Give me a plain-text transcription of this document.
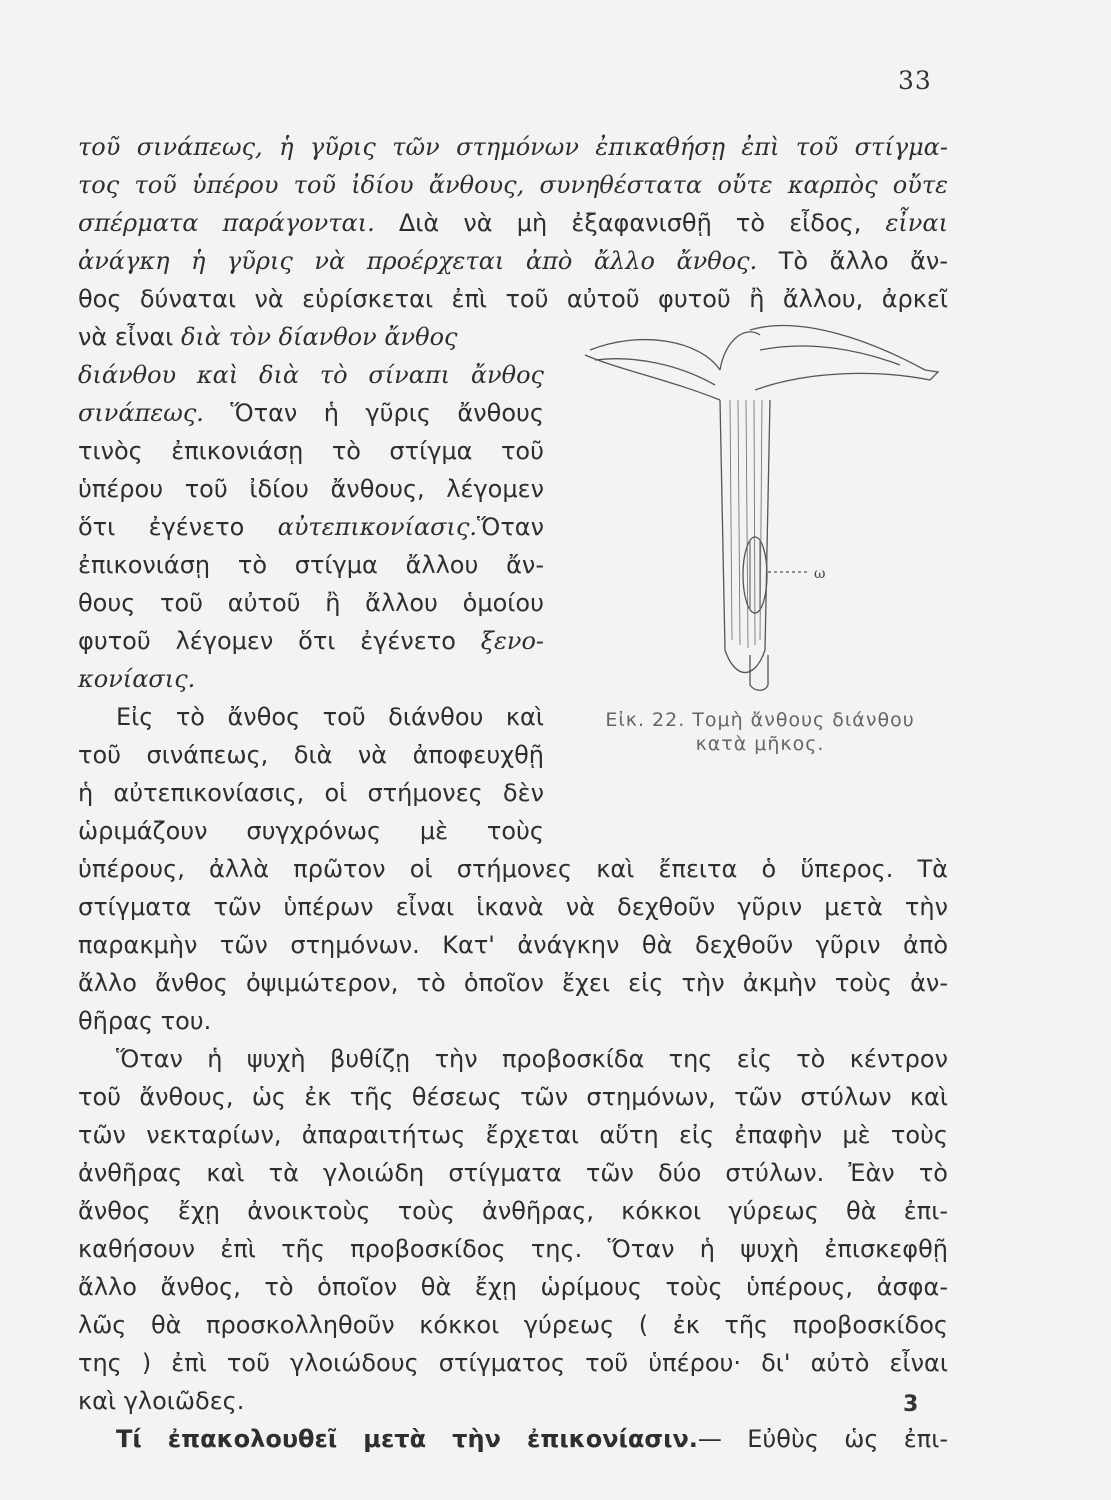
33
τοῦ σινάπεως, ἡ γῦρις τῶν στημόνων ἐπικαθήσῃ ἐπὶ τοῦ στίγμα-
τος τοῦ ὑπέρου τοῦ ἰδίου ἄνθους, συνηθέστατα οὔτε καρπὸς οὔτε
σπέρματα παράγονται. Διὰ νὰ μὴ ἐξαφανισθῇ τὸ εἶδος, εἶναι
ἀνάγκη ἡ γῦρις νὰ προέρχεται ἀπὸ ἄλλο ἄνθος. Τὸ ἄλλο ἄν-
θος δύναται νὰ εὑρίσκεται ἐπὶ τοῦ αὐτοῦ φυτοῦ ἢ ἄλλου, ἀρκεῖ
νὰ εἶναι διὰ τὸν δίανθον ἄνθος
διάνθου καὶ διὰ τὸ σίναπι ἄνθος
σινάπεως. Ὅταν ἡ γῦρις ἄνθους
τινὸς ἐπικονιάσῃ τὸ στίγμα τοῦ
ὑπέρου τοῦ ἰδίου ἄνθους, λέγομεν
ὅτι ἐγένετο αὐτεπικονίασις.Ὅταν
ἐπικονιάσῃ τὸ στίγμα ἄλλου ἄν-
θους τοῦ αὐτοῦ ἢ ἄλλου ὁμοίου
φυτοῦ λέγομεν ὅτι ἐγένετο ξενο-
κονίασις.
Εἰς τὸ ἄνθος τοῦ διάνθου καὶ
τοῦ σινάπεως, διὰ νὰ ἀποφευχθῇ
ἡ αὐτεπικονίασις, οἱ στήμονες δὲν
ὡριμάζουν συγχρόνως μὲ τοὺς
ὑπέρους, ἀλλὰ πρῶτον οἱ στήμονες καὶ ἔπειτα ὁ ὕπερος. Τὰ
στίγματα τῶν ὑπέρων εἶναι ἱκανὰ νὰ δεχθοῦν γῦριν μετὰ τὴν
παρακμὴν τῶν στημόνων. Κατ' ἀνάγκην θὰ δεχθοῦν γῦριν ἀπὸ
ἄλλο ἄνθος ὀψιμώτερον, τὸ ὁποῖον ἔχει εἰς τὴν ἀκμὴν τοὺς ἀν-
θῆρας του.
Ὅταν ἡ ψυχὴ βυθίζῃ τὴν προβοσκίδα της εἰς τὸ κέντρον
τοῦ ἄνθους, ὡς ἐκ τῆς θέσεως τῶν στημόνων, τῶν στύλων καὶ
τῶν νεκταρίων, ἀπαραιτήτως ἔρχεται αὕτη εἰς ἐπαφὴν μὲ τοὺς
ἀνθῆρας καὶ τὰ γλοιώδη στίγματα τῶν δύο στύλων. Ἐὰν τὸ
ἄνθος ἔχῃ ἀνοικτοὺς τοὺς ἀνθῆρας, κόκκοι γύρεως θὰ ἐπι-
καθήσουν ἐπὶ τῆς προβοσκίδος της. Ὅταν ἡ ψυχὴ ἐπισκεφθῇ
ἄλλο ἄνθος, τὸ ὁποῖον θὰ ἔχῃ ὡρίμους τοὺς ὑπέρους, ἀσφα-
λῶς θὰ προσκολληθοῦν κόκκοι γύρεως ( ἐκ τῆς προβοσκίδος
της ) ἐπὶ τοῦ γλοιώδους στίγματος τοῦ ὑπέρου· δι' αὐτὸ εἶναι
καὶ γλοιῶδες.
Τί ἐπακολουθεῖ μετὰ τὴν ἐπικονίασιν.— Εὐθὺς ὡς ἐπι-
ω
Εἰκ. 22. Τομὴ ἄνθους διάνθου
κατὰ μῆκος.
3
